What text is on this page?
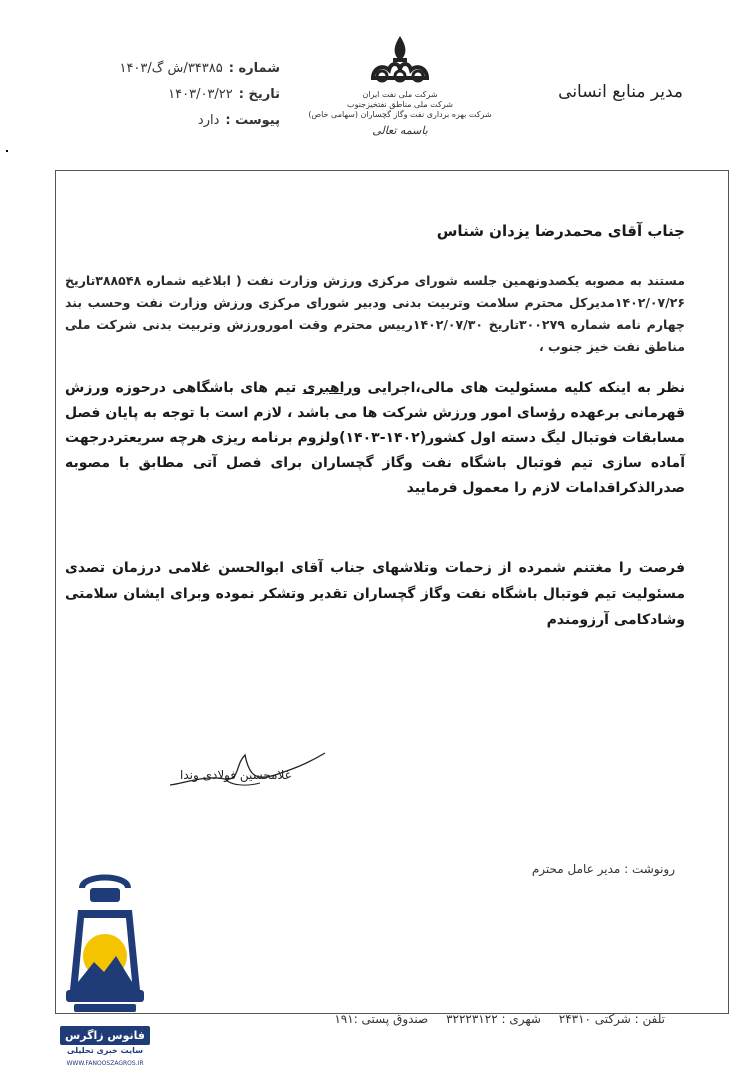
مدیر منابع انسانی
شرکت ملی نفت ایران
شرکت ملی مناطق نفتخیزجنوب
شرکت بهره برداری نفت وگاز گچساران (سهامی خاص)
باسمه تعالی
شماره :
۳۴۳۸۵/ش گ/۱۴۰۳
تاریخ :
۱۴۰۳/۰۳/۲۲
پیوست :
دارد
جناب آقای محمدرضا یزدان شناس
مستند به مصوبه یکصدونهمین جلسه شورای مرکزی ورزش وزارت نفت ( ابلاغیه شماره ۳۸۸۵۴۸تاریخ ۱۴۰۲/۰۷/۲۶مدیرکل محترم سلامت وتربیت بدنی ودبیر شورای مرکزی ورزش وزارت نفت وحسب بند چهارم نامه شماره ۳۰۰۲۷۹تاریخ ۱۴۰۲/۰۷/۳۰رییس محترم وقت امورورزش وتربیت بدنی شرکت ملی مناطق نفت خیز جنوب ،
نظر به اینکه کلیه مسئولیت های مالی،اجرایی وراهبری تیم های باشگاهی درحوزه ورزش قهرمانی برعهده رؤسای امور ورزش شرکت ها می باشد ، لازم است با توجه به پایان فصل مسابقات فوتبال لیگ دسته اول کشور(۱۴۰۲-۱۴۰۳)ولزوم برنامه ریزی هرچه سریعتردرجهت آماده سازی تیم فوتبال باشگاه نفت وگاز گچساران برای فصل آتی مطابق با مصوبه صدرالذکراقدامات لازم را معمول فرمایید
فرصت را مغتنم شمرده از زحمات وتلاشهای جناب آقای ابوالحسن غلامی درزمان تصدی مسئولیت تیم فوتبال باشگاه نفت وگاز گچساران تقدیر وتشکر نموده وبرای ایشان سلامتی وشادکامی آرزومندم
غلامحسین فولادی وندا
رونوشت : مدیر عامل محترم
تلفن : شرکتی ۲۴۳۱۰ شهری : ۳۲۲۲۳۱۲۲ صندوق پستی :۱۹۱
فانوس زاگرس
سایت خبری تحلیلی
WWW.FANOOSZAGROS.IR
